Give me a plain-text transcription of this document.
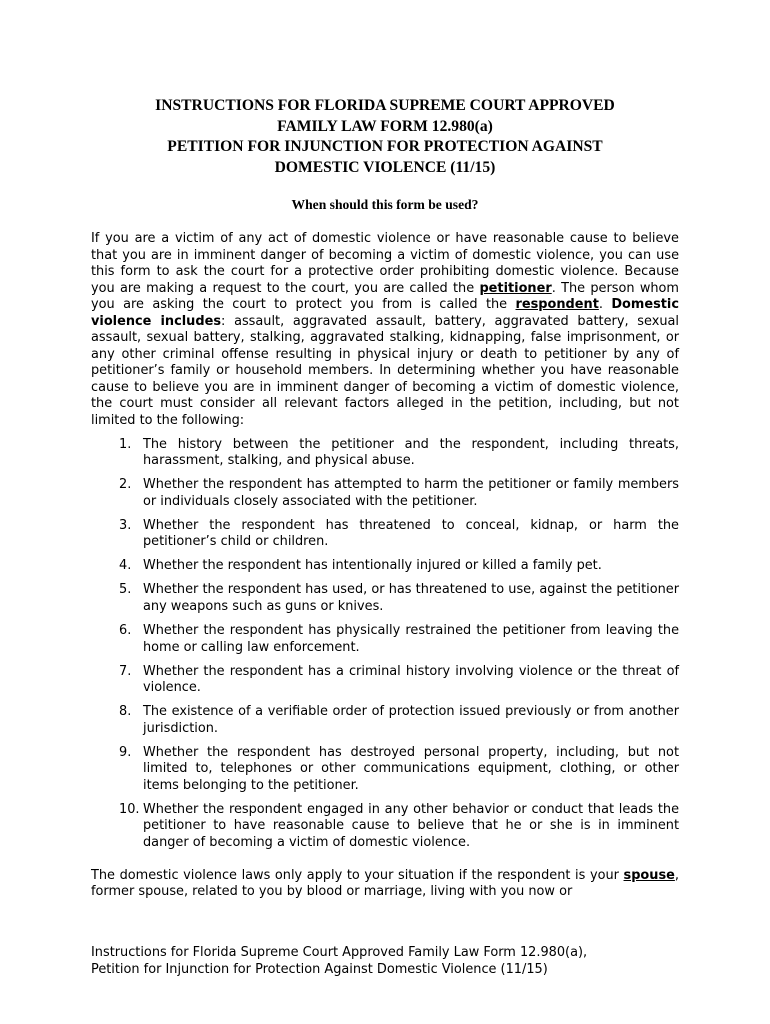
INSTRUCTIONS FOR FLORIDA SUPREME COURT APPROVED
FAMILY LAW FORM 12.980(a)
PETITION FOR INJUNCTION FOR PROTECTION AGAINST
DOMESTIC VIOLENCE (11/15)
When should this form be used?

If you are a victim of any act of domestic violence or have reasonable cause to believe that you are in imminent danger of becoming a victim of domestic violence, you can use this form to ask the court for a protective order prohibiting domestic violence. Because you are making a request to the court, you are called the petitioner. The person whom you are asking the court to protect you from is called the respondent. Domestic violence includes: assault, aggravated assault, battery, aggravated battery, sexual assault, sexual battery, stalking, aggravated stalking, kidnapping, false imprisonment, or any other criminal offense resulting in physical injury or death to petitioner by any of petitioner’s family or household members. In determining whether you have reasonable cause to believe you are in imminent danger of becoming a victim of domestic violence, the court must consider all relevant factors alleged in the petition, including, but not limited to the following:

1. The history between the petitioner and the respondent, including threats, harassment, stalking, and physical abuse.
2. Whether the respondent has attempted to harm the petitioner or family members or individuals closely associated with the petitioner.
3. Whether the respondent has threatened to conceal, kidnap, or harm the petitioner’s child or children.
4. Whether the respondent has intentionally injured or killed a family pet.
5. Whether the respondent has used, or has threatened to use, against the petitioner any weapons such as guns or knives.
6. Whether the respondent has physically restrained the petitioner from leaving the home or calling law enforcement.
7. Whether the respondent has a criminal history involving violence or the threat of violence.
8. The existence of a verifiable order of protection issued previously or from another jurisdiction.
9. Whether the respondent has destroyed personal property, including, but not limited to, telephones or other communications equipment, clothing, or other items belonging to the petitioner.
10. Whether the respondent engaged in any other behavior or conduct that leads the petitioner to have reasonable cause to believe that he or she is in imminent danger of becoming a victim of domestic violence.

The domestic violence laws only apply to your situation if the respondent is your spouse, former spouse, related to you by blood or marriage, living with you now or

Instructions for Florida Supreme Court Approved Family Law Form 12.980(a),
Petition for Injunction for Protection Against Domestic Violence (11/15)
